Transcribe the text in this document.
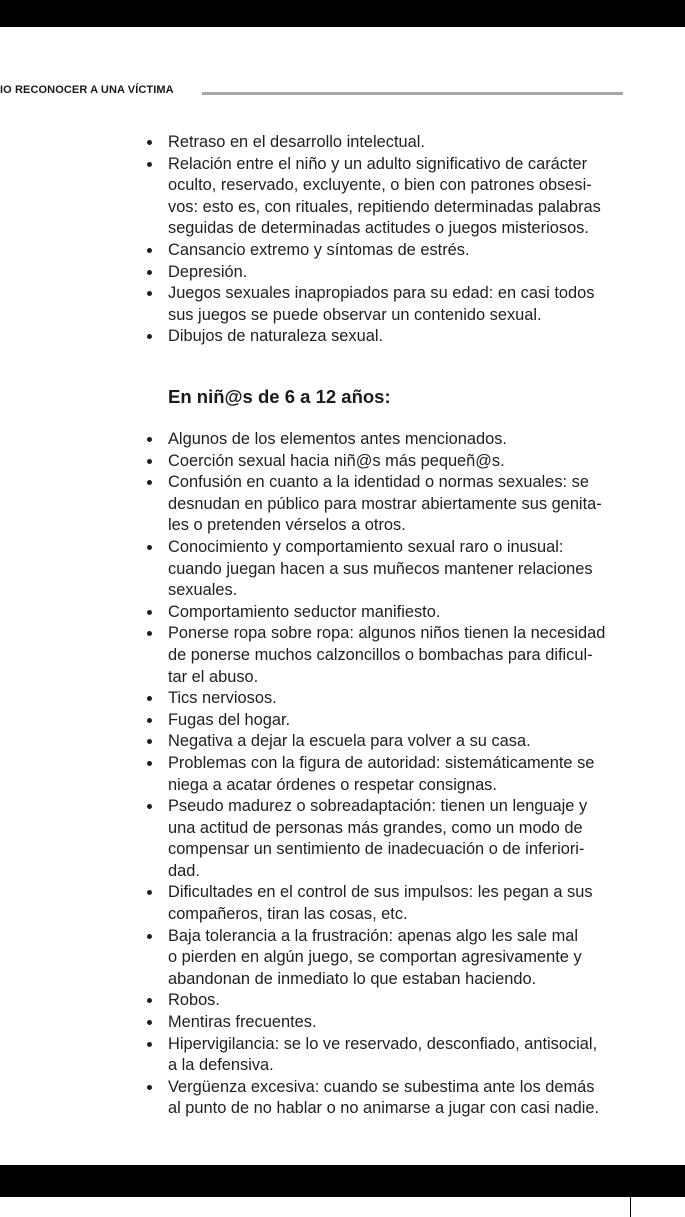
IO RECONOCER A UNA VÍCTIMA
Retraso en el desarrollo intelectual.
Relación entre el niño y un adulto significativo de carácter
oculto, reservado, excluyente, o bien con patrones obsesi-
vos: esto es, con rituales, repitiendo determinadas palabras
seguidas de determinadas actitudes o juegos misteriosos.
Cansancio extremo y síntomas de estrés.
Depresión.
Juegos sexuales inapropiados para su edad: en casi todos
sus juegos se puede observar un contenido sexual.
Dibujos de naturaleza sexual.
En niñ@s de 6 a 12 años:
Algunos de los elementos antes mencionados.
Coerción sexual hacia niñ@s más pequeñ@s.
Confusión en cuanto a la identidad o normas sexuales: se
desnudan en público para mostrar abiertamente sus genita-
les o pretenden vérselos a otros.
Conocimiento y comportamiento sexual raro o inusual:
cuando juegan hacen a sus muñecos mantener relaciones
sexuales.
Comportamiento seductor manifiesto.
Ponerse ropa sobre ropa: algunos niños tienen la necesidad
de ponerse muchos calzoncillos o bombachas para dificul-
tar el abuso.
Tics nerviosos.
Fugas del hogar.
Negativa a dejar la escuela para volver a su casa.
Problemas con la figura de autoridad: sistemáticamente se
niega a acatar órdenes o respetar consignas.
Pseudo madurez o sobreadaptación: tienen un lenguaje y
una actitud de personas más grandes, como un modo de
compensar un sentimiento de inadecuación o de inferiori-
dad.
Dificultades en el control de sus impulsos: les pegan a sus
compañeros, tiran las cosas, etc.
Baja tolerancia a la frustración: apenas algo les sale mal
o pierden en algún juego, se comportan agresivamente y
abandonan de inmediato lo que estaban haciendo.
Robos.
Mentiras frecuentes.
Hipervigilancia: se lo ve reservado, desconfiado, antisocial,
a la defensiva.
Vergüenza excesiva: cuando se subestima ante los demás
al punto de no hablar o no animarse a jugar con casi nadie.
